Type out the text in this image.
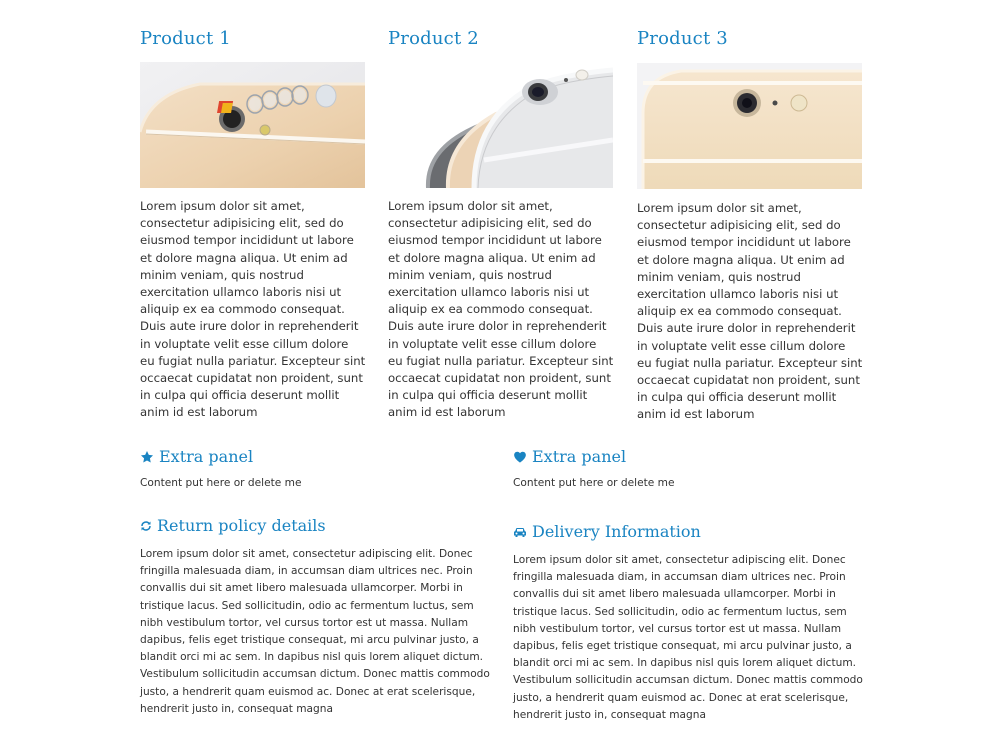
Product 1

Lorem ipsum dolor sit amet, consectetur adipisicing elit, sed do eiusmod tempor incididunt ut labore et dolore magna aliqua. Ut enim ad minim veniam, quis nostrud exercitation ullamco laboris nisi ut aliquip ex ea commodo consequat. Duis aute irure dolor in reprehenderit in voluptate velit esse cillum dolore eu fugiat nulla pariatur. Excepteur sint occaecat cupidatat non proident, sunt in culpa qui officia deserunt mollit anim id est laborum

Product 2

Lorem ipsum dolor sit amet, consectetur adipisicing elit, sed do eiusmod tempor incididunt ut labore et dolore magna aliqua. Ut enim ad minim veniam, quis nostrud exercitation ullamco laboris nisi ut aliquip ex ea commodo consequat. Duis aute irure dolor in reprehenderit in voluptate velit esse cillum dolore eu fugiat nulla pariatur. Excepteur sint occaecat cupidatat non proident, sunt in culpa qui officia deserunt mollit anim id est laborum

Product 3

Lorem ipsum dolor sit amet, consectetur adipisicing elit, sed do eiusmod tempor incididunt ut labore et dolore magna aliqua. Ut enim ad minim veniam, quis nostrud exercitation ullamco laboris nisi ut aliquip ex ea commodo consequat. Duis aute irure dolor in reprehenderit in voluptate velit esse cillum dolore eu fugiat nulla pariatur. Excepteur sint occaecat cupidatat non proident, sunt in culpa qui officia deserunt mollit anim id est laborum

Extra panel

Content put here or delete me

Extra panel

Content put here or delete me

Return policy details

Lorem ipsum dolor sit amet, consectetur adipiscing elit. Donec fringilla malesuada diam, in accumsan diam ultrices nec. Proin convallis dui sit amet libero malesuada ullamcorper. Morbi in tristique lacus. Sed sollicitudin, odio ac fermentum luctus, sem nibh vestibulum tortor, vel cursus tortor est ut massa. Nullam dapibus, felis eget tristique consequat, mi arcu pulvinar justo, a blandit orci mi ac sem. In dapibus nisl quis lorem aliquet dictum. Vestibulum sollicitudin accumsan dictum. Donec mattis commodo justo, a hendrerit quam euismod ac. Donec at erat scelerisque, hendrerit justo in, consequat magna

Delivery Information

Lorem ipsum dolor sit amet, consectetur adipiscing elit. Donec fringilla malesuada diam, in accumsan diam ultrices nec. Proin convallis dui sit amet libero malesuada ullamcorper. Morbi in tristique lacus. Sed sollicitudin, odio ac fermentum luctus, sem nibh vestibulum tortor, vel cursus tortor est ut massa. Nullam dapibus, felis eget tristique consequat, mi arcu pulvinar justo, a blandit orci mi ac sem. In dapibus nisl quis lorem aliquet dictum. Vestibulum sollicitudin accumsan dictum. Donec mattis commodo justo, a hendrerit quam euismod ac. Donec at erat scelerisque, hendrerit justo in, consequat magna
